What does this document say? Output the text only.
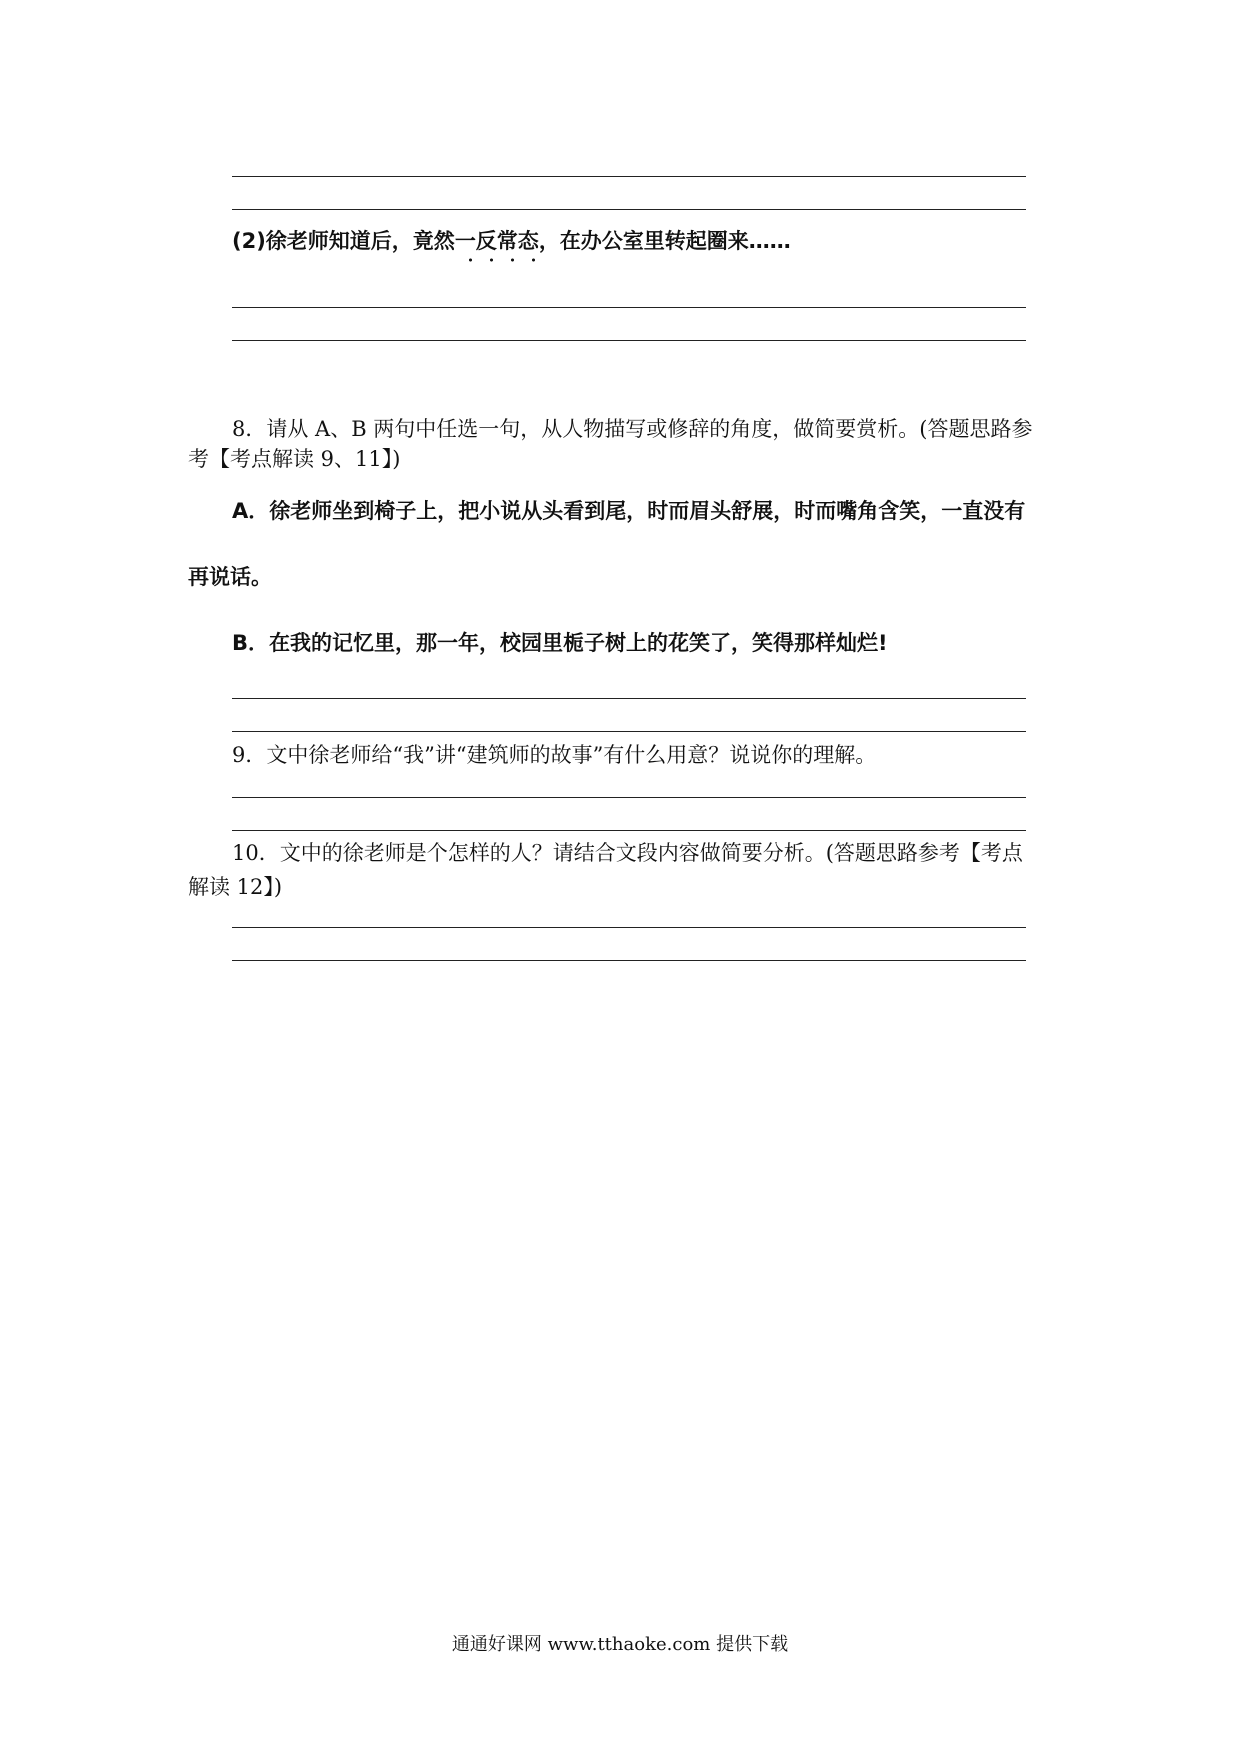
(2)徐老师知道后，竟然一反常态，在办公室里转起圈来……
8．请从 A、B 两句中任选一句，从人物描写或修辞的角度，做简要赏析。(答题思路参
考【考点解读 9、11】)
A．徐老师坐到椅子上，把小说从头看到尾，时而眉头舒展，时而嘴角含笑，一直没有
再说话。
B．在我的记忆里，那一年，校园里栀子树上的花笑了，笑得那样灿烂!
9．文中徐老师给“我”讲“建筑师的故事”有什么用意？说说你的理解。
10．文中的徐老师是个怎样的人？请结合文段内容做简要分析。(答题思路参考【考点
解读 12】)
通通好课网 www.tthaoke.com 提供下载
